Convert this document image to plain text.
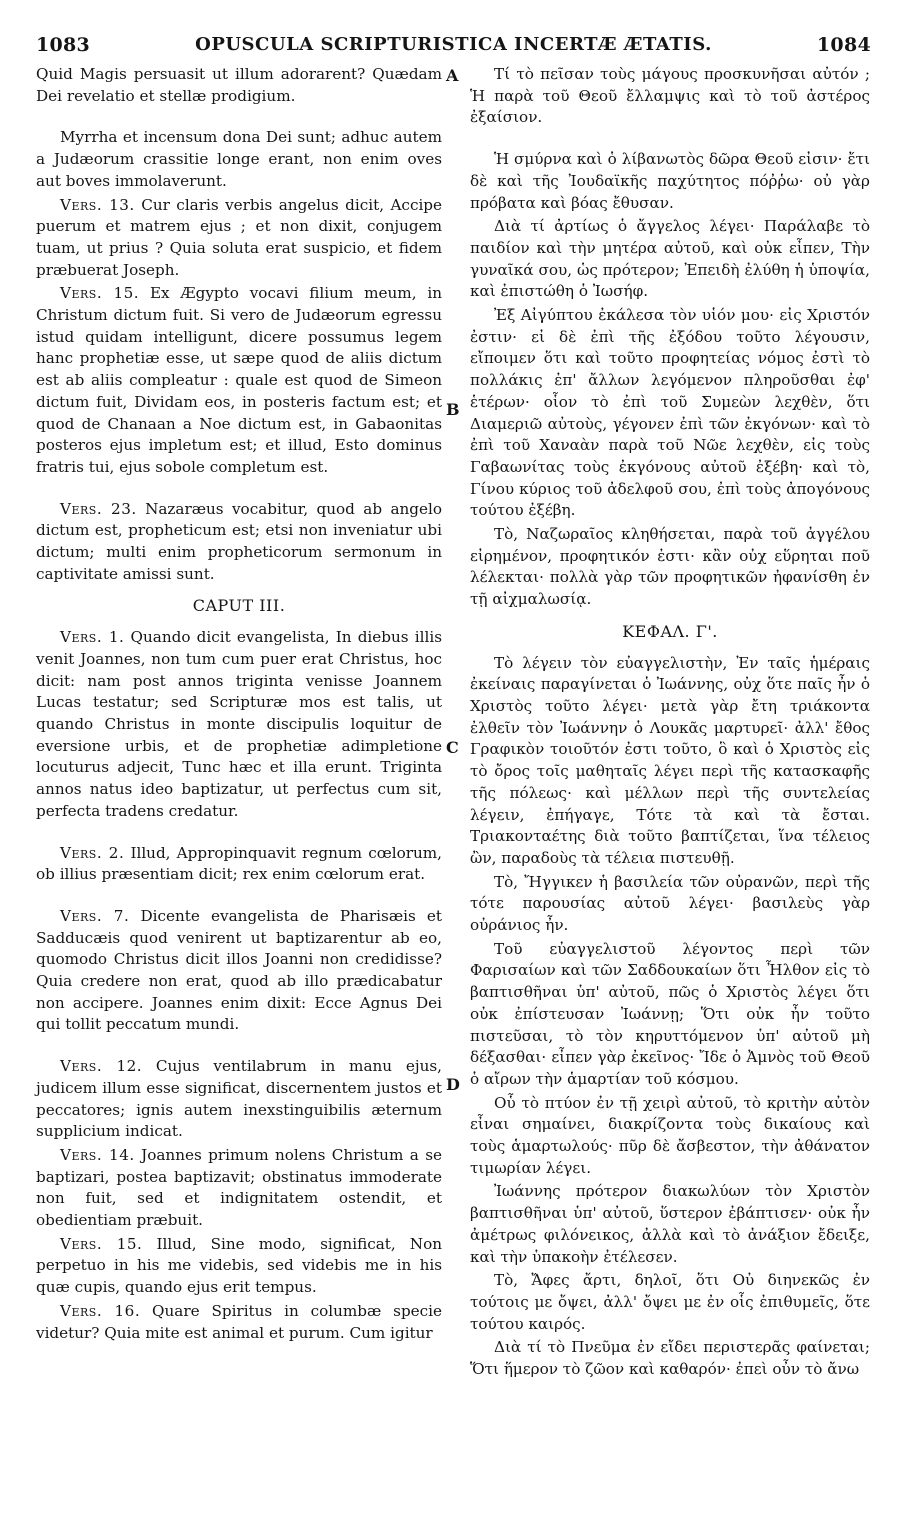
1083	OPUSCULA SCRIPTURISTICA INCERTÆ ÆTATIS.	1084
A
B
C
D

Quid Magis persuasit ut illum adorarent? Quædam Dei revelatio et stellæ prodigium.

Myrrha et incensum dona Dei sunt; adhuc autem a Judæorum crassitie longe erant, non enim oves aut boves immolaverunt.

Vers. 13. Cur claris verbis angelus dicit, Accipe puerum et matrem ejus ; et non dixit, conjugem tuam, ut prius ? Quia soluta erat suspicio, et fidem præbuerat Joseph.

Vers. 15. Ex Ægypto vocavi filium meum, in Christum dictum fuit. Si vero de Judæorum egressu istud quidam intelligunt, dicere possumus legem hanc prophetiæ esse, ut sæpe quod de aliis dictum est ab aliis compleatur : quale est quod de Simeon dictum fuit, Dividam eos, in posteris factum est; et quod de Chanaan a Noe dictum est, in Gabaonitas posteros ejus impletum est; et illud, Esto dominus fratris tui, ejus sobole completum est.

Vers. 23. Nazaræus vocabitur, quod ab angelo dictum est, propheticum est; etsi non inveniatur ubi dictum; multi enim propheticorum sermonum in captivitate amissi sunt.

CAPUT III.

Vers. 1. Quando dicit evangelista, In diebus illis venit Joannes, non tum cum puer erat Christus, hoc dicit: nam post annos triginta venisse Joannem Lucas testatur; sed Scripturæ mos est talis, ut quando Christus in monte discipulis loquitur de eversione urbis, et de prophetiæ adimpletione locuturus adjecit, Tunc hæc et illa erunt. Triginta annos natus ideo baptizatur, ut perfectus cum sit, perfecta tradens credatur.

Vers. 2. Illud, Appropinquavit regnum cœlorum, ob illius præsentiam dicit; rex enim cœlorum erat.

Vers. 7. Dicente evangelista de Pharisæis et Sadducæis quod venirent ut baptizarentur ab eo, quomodo Christus dicit illos Joanni non credidisse? Quia credere non erat, quod ab illo prædicabatur non accipere. Joannes enim dixit: Ecce Agnus Dei qui tollit peccatum mundi.

Vers. 12. Cujus ventilabrum in manu ejus, judicem illum esse significat, discernentem justos et peccatores; ignis autem inexstinguibilis æternum supplicium indicat.

Vers. 14. Joannes primum nolens Christum a se baptizari, postea baptizavit; obstinatus immoderate non fuit, sed et indignitatem ostendit, et obedientiam præbuit.

Vers. 15. Illud, Sine modo, significat, Non perpetuo in his me videbis, sed videbis me in his quæ cupis, quando ejus erit tempus.

Vers. 16. Quare Spiritus in columbæ specie videtur? Quia mite est animal et purum. Cum igitur

Τί τὸ πεῖσαν τοὺς μάγους προσκυνῆσαι αὐτόν ; Ἡ παρὰ τοῦ Θεοῦ ἔλλαμψις καὶ τὸ τοῦ ἀστέρος ἐξαίσιον.

Ἡ σμύρνα καὶ ὁ λίβανωτὸς δῶρα Θεοῦ εἰσιν· ἔτι δὲ καὶ τῆς Ἰουδαϊκῆς παχύτητος πόῤῥω· οὐ γὰρ πρόβατα καὶ βόας ἔθυσαν.

Διὰ τί ἀρτίως ὁ ἄγγελος λέγει· Παράλαβε τὸ παιδίον καὶ τὴν μητέρα αὐτοῦ, καὶ οὐκ εἶπεν, Τὴν γυναῖκά σου, ὡς πρότερον; Ἐπειδὴ ἐλύθη ἡ ὑποψία, καὶ ἐπιστώθη ὁ Ἰωσήφ.

Ἐξ Αἰγύπτου ἐκάλεσα τὸν υἱόν μου· εἰς Χριστόν ἐστιν· εἰ δὲ ἐπὶ τῆς ἐξόδου τοῦτο λέγουσιν, εἴποιμεν ὅτι καὶ τοῦτο προφητείας νόμος ἐστὶ τὸ πολλάκις ἐπ' ἄλλων λεγόμενον πληροῦσθαι ἐφ' ἑτέρων· οἷον τὸ ἐπὶ τοῦ Συμεὼν λεχθὲν, ὅτι Διαμεριῶ αὐτοὺς, γέγονεν ἐπὶ τῶν ἐκγόνων· καὶ τὸ ἐπὶ τοῦ Χαναὰν παρὰ τοῦ Νῶε λεχθὲν, εἰς τοὺς Γαβαωνίτας τοὺς ἐκγόνους αὐτοῦ ἐξέβη· καὶ τὸ, Γίνου κύριος τοῦ ἀδελφοῦ σου, ἐπὶ τοὺς ἀπογόνους τούτου ἐξέβη.

Τὸ, Ναζωραῖος κληθήσεται, παρὰ τοῦ ἀγγέλου εἰρημένον, προφητικόν ἐστι· κἂν οὐχ εὕρηται ποῦ λέλεκται· πολλὰ γὰρ τῶν προφητικῶν ἠφανίσθη ἐν τῇ αἰχμαλωσίᾳ.

ΚΕΦΑΛ. Γ'.

Τὸ λέγειν τὸν εὐαγγελιστὴν, Ἐν ταῖς ἡμέραις ἐκείναις παραγίνεται ὁ Ἰωάννης, οὐχ ὅτε παῖς ἦν ὁ Χριστὸς τοῦτο λέγει· μετὰ γὰρ ἔτη τριάκοντα ἐλθεῖν τὸν Ἰωάννην ὁ Λουκᾶς μαρτυρεῖ· ἀλλ' ἔθος Γραφικὸν τοιοῦτόν ἐστι τοῦτο, ὃ καὶ ὁ Χριστὸς εἰς τὸ ὄρος τοῖς μαθηταῖς λέγει περὶ τῆς κατασκαφῆς τῆς πόλεως· καὶ μέλλων περὶ τῆς συντελείας λέγειν, ἐπήγαγε, Τότε τὰ καὶ τὰ ἔσται. Τριακονταέτης διὰ τοῦτο βαπτίζεται, ἵνα τέλειος ὢν, παραδοὺς τὰ τέλεια πιστευθῇ.

Τὸ, Ἤγγικεν ἡ βασιλεία τῶν οὐρανῶν, περὶ τῆς τότε παρουσίας αὐτοῦ λέγει· βασιλεὺς γὰρ οὐράνιος ἦν.

Τοῦ εὐαγγελιστοῦ λέγοντος περὶ τῶν Φαρισαίων καὶ τῶν Σαδδουκαίων ὅτι Ἦλθον εἰς τὸ βαπτισθῆναι ὑπ' αὐτοῦ, πῶς ὁ Χριστὸς λέγει ὅτι οὐκ ἐπίστευσαν Ἰωάννῃ; Ὅτι οὐκ ἦν τοῦτο πιστεῦσαι, τὸ τὸν κηρυττόμενον ὑπ' αὐτοῦ μὴ δέξασθαι· εἶπεν γὰρ ἐκεῖνος· Ἴδε ὁ Ἀμνὸς τοῦ Θεοῦ ὁ αἴρων τὴν ἁμαρτίαν τοῦ κόσμου.

Οὗ τὸ πτύον ἐν τῇ χειρὶ αὐτοῦ, τὸ κριτὴν αὐτὸν εἶναι σημαίνει, διακρίζοντα τοὺς δικαίους καὶ τοὺς ἁμαρτωλούς· πῦρ δὲ ἄσβεστον, τὴν ἀθάνατον τιμωρίαν λέγει.

Ἰωάννης πρότερον διακωλύων τὸν Χριστὸν βαπτισθῆναι ὑπ' αὐτοῦ, ὕστερον ἐβάπτισεν· οὐκ ἦν ἀμέτρως φιλόνεικος, ἀλλὰ καὶ τὸ ἀνάξιον ἔδειξε, καὶ τὴν ὑπακοὴν ἐτέλεσεν.

Τὸ, Ἄφες ἄρτι, δηλοῖ, ὅτι Οὐ διηνεκῶς ἐν τούτοις με ὄψει, ἀλλ' ὄψει με ἐν οἷς ἐπιθυμεῖς, ὅτε τούτου καιρός.

Διὰ τί τὸ Πνεῦμα ἐν εἴδει περιστερᾶς φαίνεται; Ὅτι ἥμερον τὸ ζῶον καὶ καθαρόν· ἐπεὶ οὖν τὸ ἄνω
